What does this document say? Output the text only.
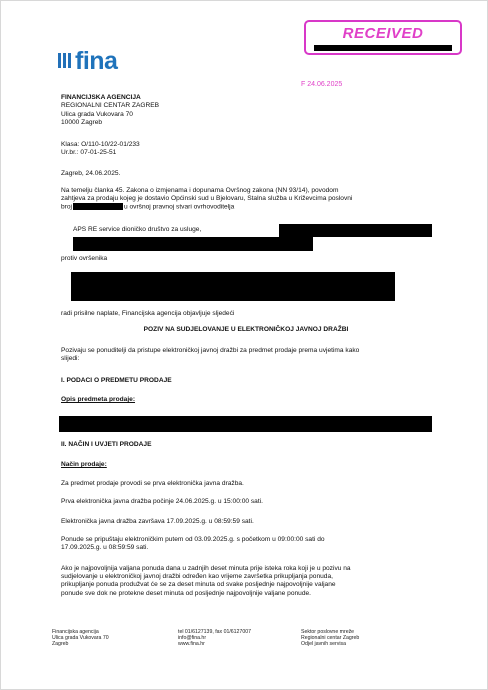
RECEIVED
fina
F 24.06.2025
FINANCIJSKA AGENCIJA
REGIONALNI CENTAR ZAGREB
Ulica grada Vukovara 70
10000 Zagreb
Klasa: O/110-10/22-01/233
Ur.br.: 07-01-25-51
Zagreb, 24.06.2025.
Na temelju članka 45. Zakona o izmjenama i dopunama Ovršnog zakona (NN 93/14), povodom
zahtjeva za prodaju kojeg je dostavio Općinski sud u Bjelovaru, Stalna služba u Križevcima poslovni
broj	u ovršnoj pravnoj stvari ovrhovoditelja
APS RE service dioničko društvo za usluge,
protiv ovršenika
radi prisilne naplate, Financijska agencija objavljuje sljedeći
POZIV NA SUDJELOVANJE U ELEKTRONIČKOJ JAVNOJ DRAŽBI
Pozivaju se ponuditelji da pristupe elektroničkoj javnoj dražbi za predmet prodaje prema uvjetima kako
slijedi:
I. PODACI O PREDMETU PRODAJE
Opis predmeta prodaje:
II. NAČIN I UVJETI PRODAJE
Način prodaje:
Za predmet prodaje provodi se prva elektronička javna dražba.
Prva elektronička javna dražba počinje 24.06.2025.g. u 15:00:00 sati.
Elektronička javna dražba završava 17.09.2025.g. u 08:59:59 sati.
Ponude se pripuštaju elektroničkim putem od 03.09.2025.g. s početkom u 09:00:00 sati do
17.09.2025.g. u 08:59:59 sati.
Ako je najpovoljnija valjana ponuda dana u zadnjih deset minuta prije isteka roka koji je u pozivu na
sudjelovanje u elektroničkoj javnoj dražbi određen kao vrijeme završetka prikupljanja ponuda,
prikupljanje ponuda produžvat će se za deset minuta od svake posljednje najpovoljnije valjane
ponude sve dok ne protekne deset minuta od posljednje najpovoljnije valjane ponude.
Financijska agencija
Ulica grada Vukovara 70
Zagreb
tel 01/6127139, fax 01/6127007
info@fina.hr
www.fina.hr
Sektor poslovne mreže
Regionalni centar Zagreb
Odjel javnih servisa
